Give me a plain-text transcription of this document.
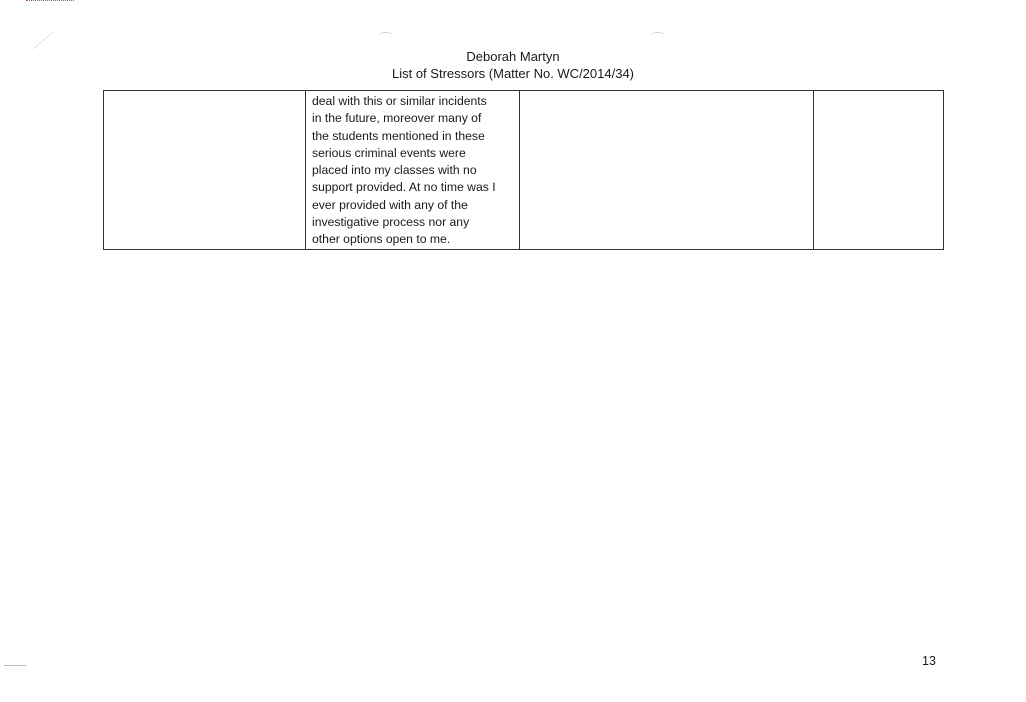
Deborah Martyn
List of Stressors (Matter No. WC/2014/34)

deal with this or similar incidents
in the future, moreover many of
the students mentioned in these
serious criminal events were
placed into my classes with no
support provided. At no time was I
ever provided with any of the
investigative process nor any
other options open to me.

13
